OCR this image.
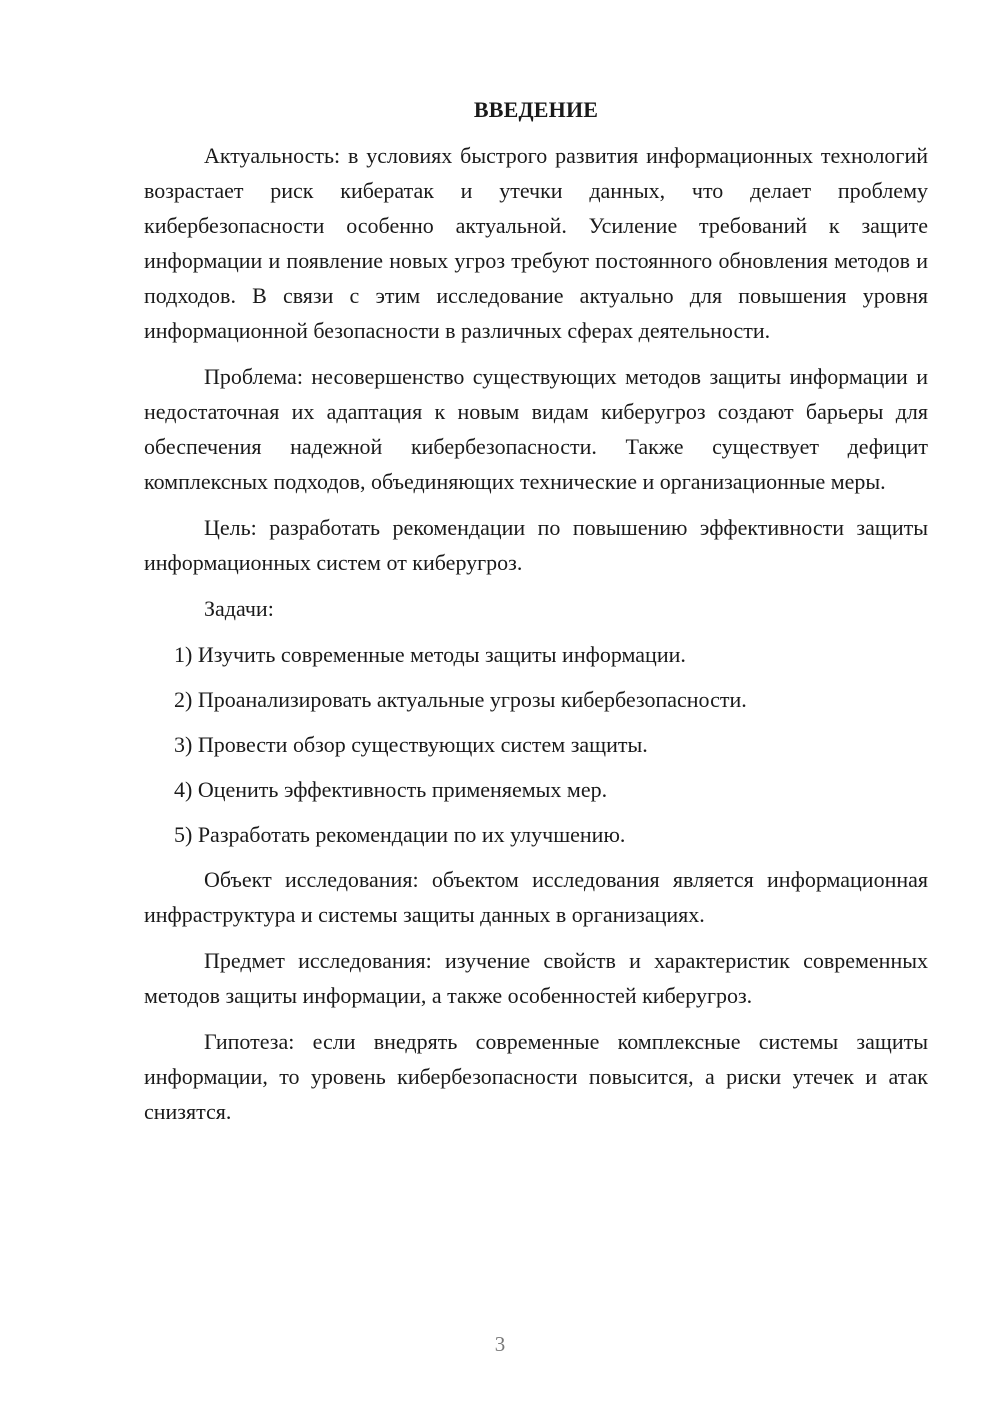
ВВЕДЕНИЕ

Актуальность: в условиях быстрого развития информационных технологий возрастает риск кибератак и утечки данных, что делает проблему кибербезопасности особенно актуальной. Усиление требований к защите информации и появление новых угроз требуют постоянного обновления методов и подходов. В связи с этим исследование актуально для повышения уровня информационной безопасности в различных сферах деятельности.

Проблема: несовершенство существующих методов защиты информации и недостаточная их адаптация к новым видам киберугроз создают барьеры для обеспечения надежной кибербезопасности. Также существует дефицит комплексных подходов, объединяющих технические и организационные меры.

Цель: разработать рекомендации по повышению эффективности защиты информационных систем от киберугроз.

Задачи:

1) Изучить современные методы защиты информации.
2) Проанализировать актуальные угрозы кибербезопасности.
3) Провести обзор существующих систем защиты.
4) Оценить эффективность применяемых мер.
5) Разработать рекомендации по их улучшению.

Объект исследования: объектом исследования является информационная инфраструктура и системы защиты данных в организациях.

Предмет исследования: изучение свойств и характеристик современных методов защиты информации, а также особенностей киберугроз.

Гипотеза: если внедрять современные комплексные системы защиты информации, то уровень кибербезопасности повысится, а риски утечек и атак снизятся.

3
